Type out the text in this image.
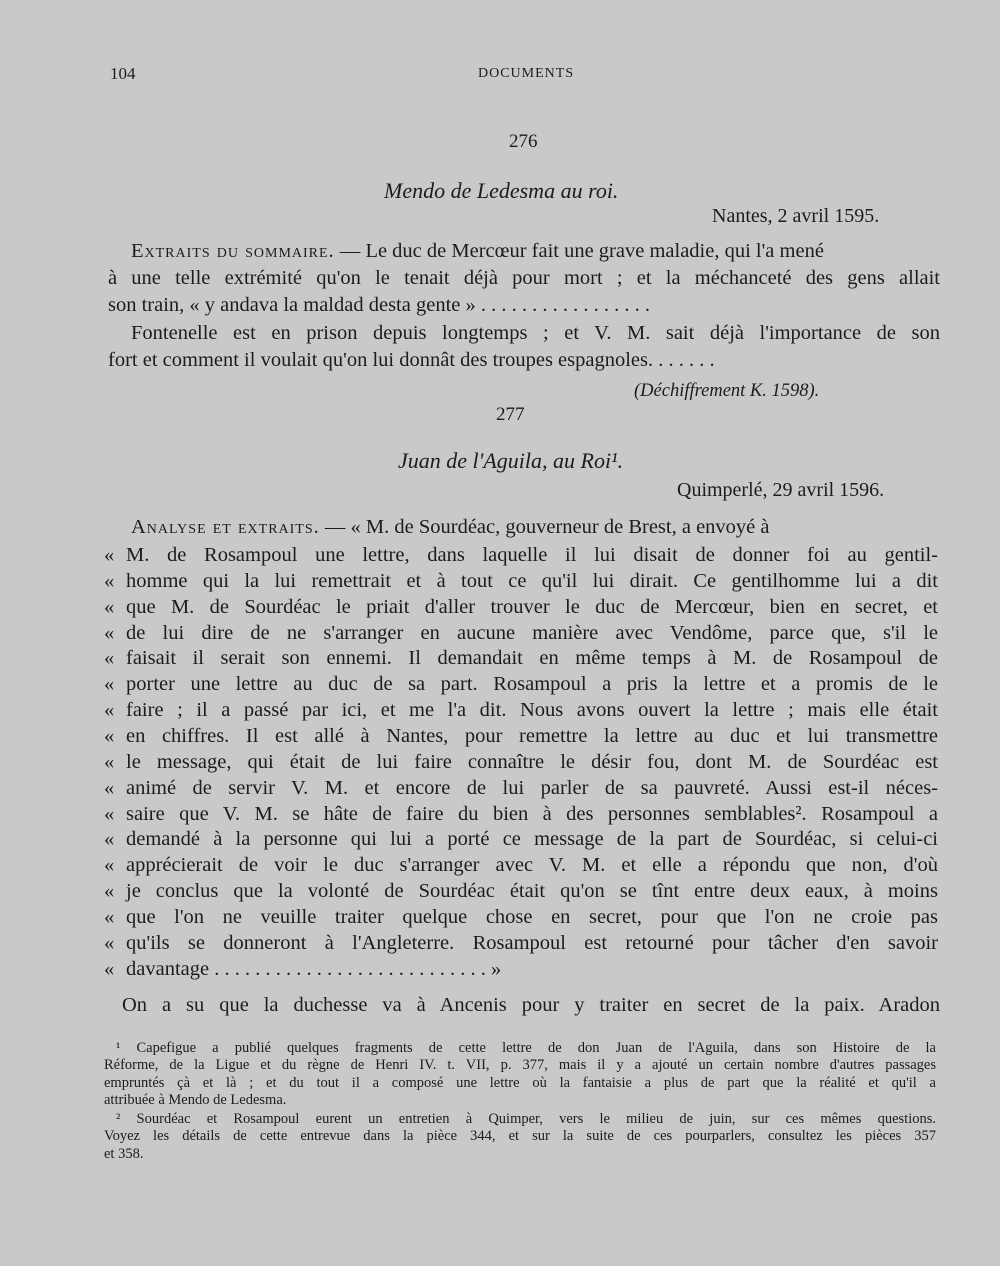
104	DOCUMENTS
276
Mendo de Ledesma au roi.
Nantes, 2 avril 1595.
Extraits du sommaire. — Le duc de Mercœur fait une grave maladie, qui l'a mené
à une telle extrémité qu'on le tenait déjà pour mort ; et la méchanceté des gens allait
son train, « y andava la maldad desta gente » . . . . . . . . . . . . . . . . .
Fontenelle est en prison depuis longtemps ; et V. M. sait déjà l'importance de son
fort et comment il voulait qu'on lui donnât des troupes espagnoles. . . . . . .
(Déchiffrement K. 1598).
277
Juan de l'Aguila, au Roi¹.
Quimperlé, 29 avril 1596.
Analyse et extraits. — « M. de Sourdéac, gouverneur de Brest, a envoyé à
« M. de Rosampoul une lettre, dans laquelle il lui disait de donner foi au gentil-
« homme qui la lui remettrait et à tout ce qu'il lui dirait. Ce gentilhomme lui a dit
« que M. de Sourdéac le priait d'aller trouver le duc de Mercœur, bien en secret, et
« de lui dire de ne s'arranger en aucune manière avec Vendôme, parce que, s'il le
« faisait il serait son ennemi. Il demandait en même temps à M. de Rosampoul de
« porter une lettre au duc de sa part. Rosampoul a pris la lettre et a promis de le
« faire ; il a passé par ici, et me l'a dit. Nous avons ouvert la lettre ; mais elle était
« en chiffres. Il est allé à Nantes, pour remettre la lettre au duc et lui transmettre
« le message, qui était de lui faire connaître le désir fou, dont M. de Sourdéac est
« animé de servir V. M. et encore de lui parler de sa pauvreté. Aussi est-il néces-
« saire que V. M. se hâte de faire du bien à des personnes semblables². Rosampoul a
« demandé à la personne qui lui a porté ce message de la part de Sourdéac, si celui-ci
« apprécierait de voir le duc s'arranger avec V. M. et elle a répondu que non, d'où
« je conclus que la volonté de Sourdéac était qu'on se tînt entre deux eaux, à moins
« que l'on ne veuille traiter quelque chose en secret, pour que l'on ne croie pas
« qu'ils se donneront à l'Angleterre. Rosampoul est retourné pour tâcher d'en savoir
« davantage . . . . . . . . . . . . . . . . . . . . . . . . . . . »
On a su que la duchesse va à Ancenis pour y traiter en secret de la paix. Aradon
¹ Capefigue a publié quelques fragments de cette lettre de don Juan de l'Aguila, dans son Histoire de la
Réforme, de la Ligue et du règne de Henri IV. t. VII, p. 377, mais il y a ajouté un certain nombre d'autres passages
empruntés çà et là ; et du tout il a composé une lettre où la fantaisie a plus de part que la réalité et qu'il a
attribuée à Mendo de Ledesma.
² Sourdéac et Rosampoul eurent un entretien à Quimper, vers le milieu de juin, sur ces mêmes questions.
Voyez les détails de cette entrevue dans la pièce 344, et sur la suite de ces pourparlers, consultez les pièces 357
et 358.
